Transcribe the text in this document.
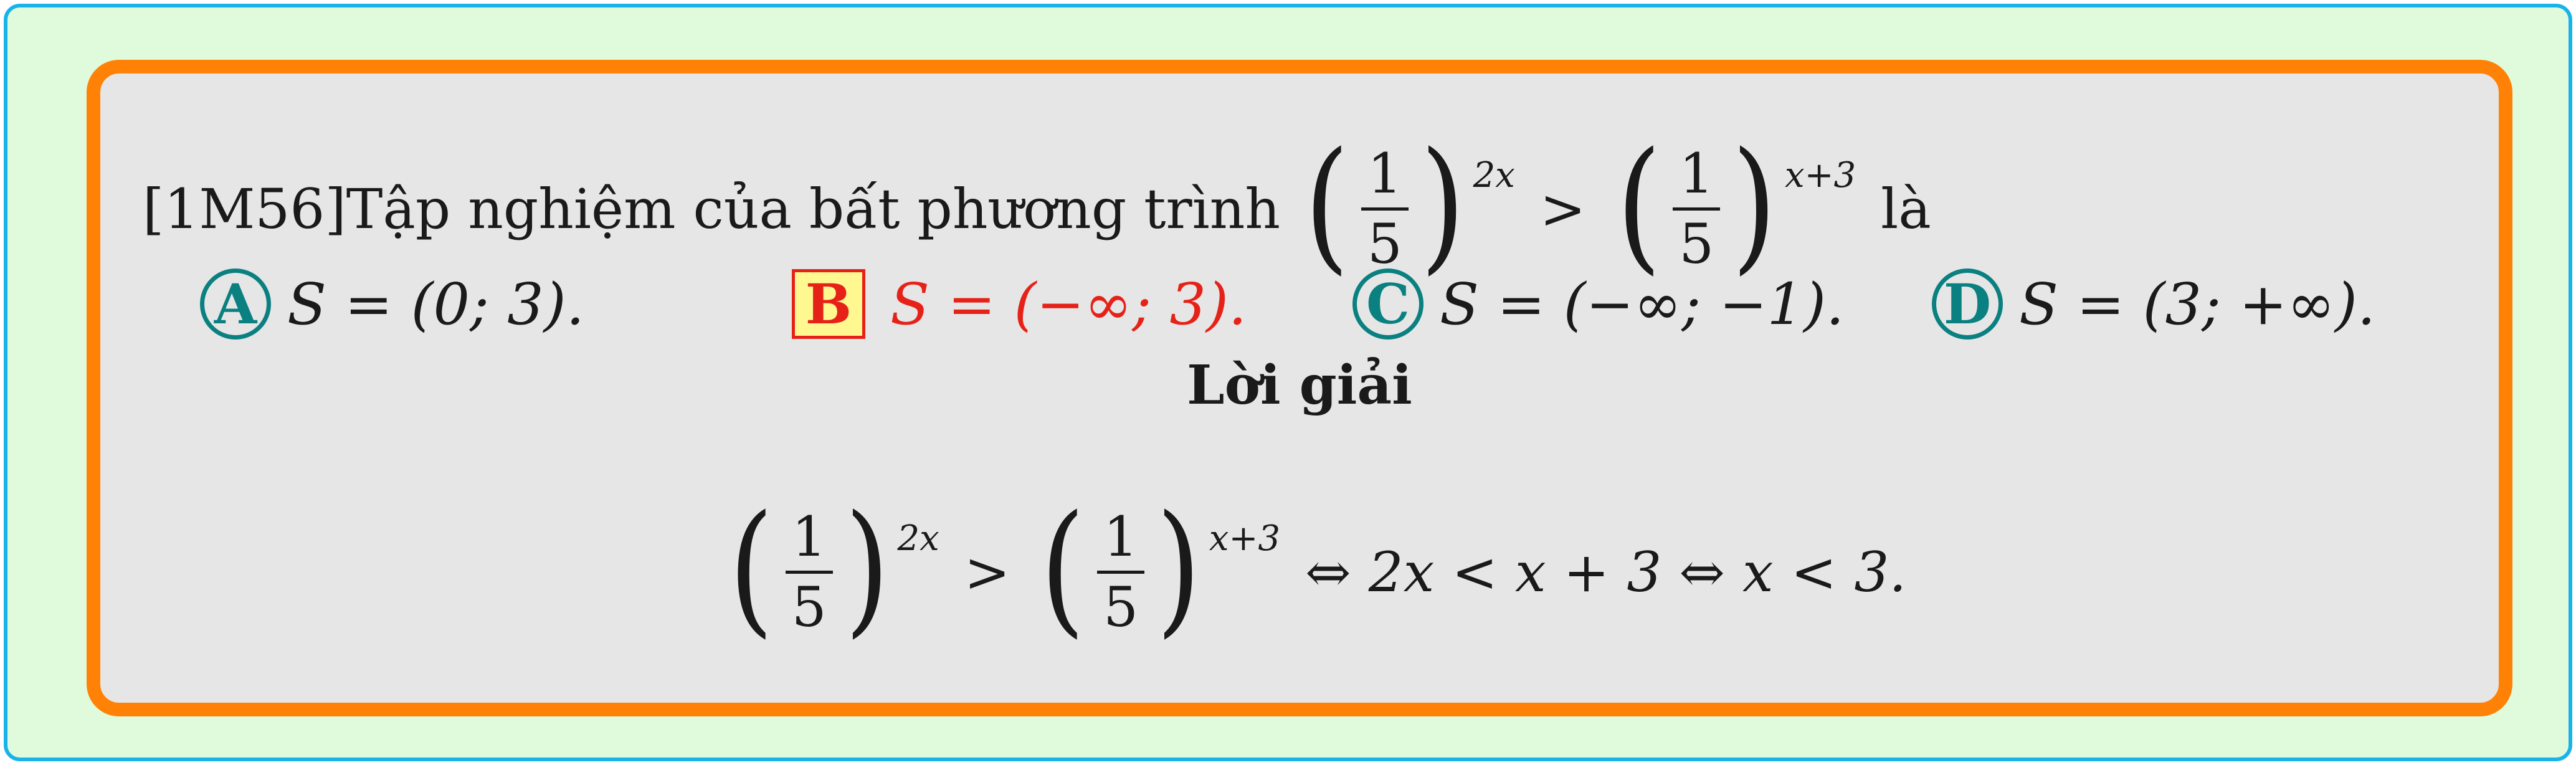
[1M56] Tập nghiệm của bất phương trình ( $\frac{1}{5}$ ) 2x
> ( $\frac{1}{5}$ ) x+3
là
A S = (0; 3).	B S = (−∞; 3). C S = (−∞; −1). D S = (3; +∞).
Lời giải
( $\frac{1}{5}$ ) 2x
> ( $\frac{1}{5}$ ) x+3
⇔ 2x < x + 3 ⇔ x < 3.
